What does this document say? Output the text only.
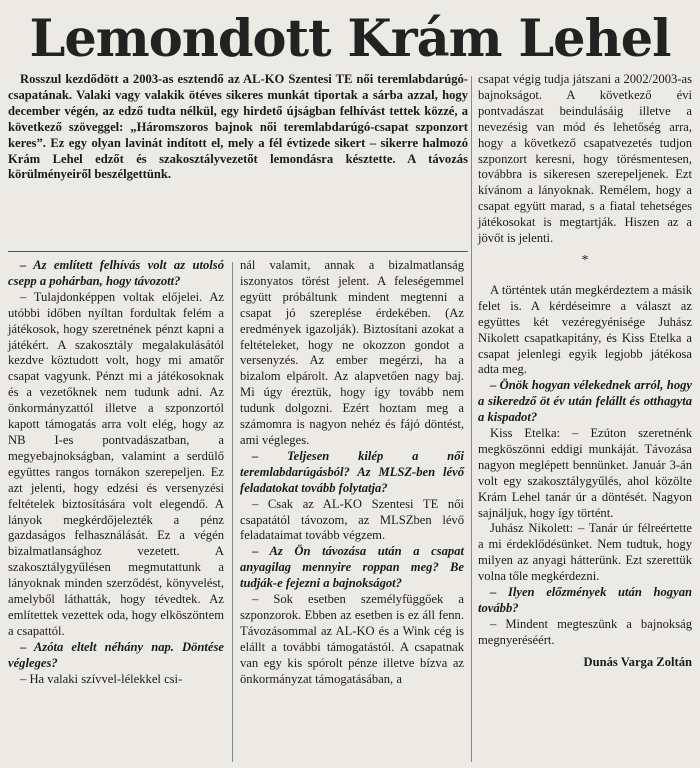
Lemondott Krám Lehel

Rosszul kezdődött a 2003-as esztendő az AL-KO Szentesi TE női teremlabdarúgó-csapatának. Valaki vagy valakik ötéves sikeres munkát tiportak a sárba azzal, hogy december végén, az edző tudta nélkül, egy hirdető újságban felhívást tettek közzé, a következő szöveggel: „Háromszoros bajnok női teremlabdarúgó-csapat szponzort keres”. Ez egy olyan lavinát indított el, mely a fél évtizede sikert – sikerre halmozó Krám Lehel edzőt és szakosztályvezetőt lemondásra késztette. A távozás körülményeiről beszélgettünk.

– Az említett felhívás volt az utolsó csepp a pohárban, hogy távozott?

– Tulajdonképpen voltak előjelei. Az utóbbi időben nyíltan fordultak felém a játékosok, hogy szeretnének pénzt kapni a játékért. A szakosztály megalakulásától kezdve köztudott volt, hogy mi amatőr csapat vagyunk. Pénzt mi a játékosoknak és a vezetőknek nem tudunk adni. Az önkormányzattól illetve a szponzortól kapott támogatás arra volt elég, hogy az NB I-es pontvadászatban, a megyebajnokságban, valamint a serdülő együttes rangos tornákon szerepeljen. Ez azt jelenti, hogy edzési és versenyzési feltételek biztosítására volt elegendő. A lányok megkérdőjelezték a pénz gazdaságos felhasználását. Ez a végén bizalmatlansághoz vezetett. A szakosztálygyűlésen megmutattunk a lányoknak minden szerződést, könyvelést, amelyből láthatták, hogy tévedtek. Az említettek vezettek oda, hogy elköszöntem a csapattól.

– Azóta eltelt néhány nap. Döntése végleges?

– Ha valaki szívvel-lélekkel csi-

nál valamit, annak a bizalmatlanság iszonyatos törést jelent. A feleségemmel együtt próbáltunk mindent megtenni a csapat jó szereplése érdekében. (Az eredmények igazolják). Biztosítani azokat a feltételeket, hogy ne okozzon gondot a versenyzés. Az ember megérzi, ha a bizalom elpárolt. Az alapvetően nagy baj. Mi úgy éreztük, hogy így tovább nem tudunk dolgozni. Ezért hoztam meg a számomra is nagyon nehéz és fájó döntést, ami végleges.

– Teljesen kilép a női teremlabdarúgásból? Az MLSZ-ben lévő feladatokat tovább folytatja?

– Csak az AL-KO Szentesi TE női csapatától távozom, az MLSZben lévő feladataimat tovább végzem.

– Az Ön távozása után a csapat anyagilag mennyire roppan meg? Be tudják-e fejezni a bajnokságot?

– Sok esetben személyfüggőek a szponzorok. Ebben az esetben is ez áll fenn. Távozásommal az AL-KO és a Wink cég is elállt a további támogatástól. A csapatnak van egy kis spórolt pénze illetve bízva az önkormányzat támogatásában, a

csapat végig tudja játszani a 2002/2003-as bajnokságot. A következő évi pontvadászat beindulásáig illetve a nevezésig van mód és lehetőség arra, hogy a következő csapatvezetés tudjon szponzort keresni, hogy törésmentesen, továbbra is sikeresen szerepeljenek. Ezt kívánom a lányoknak. Remélem, hogy a csapat együtt marad, s a fiatal tehetséges játékosokat is megtartják. Hiszen az a jövőt is jelenti.

*

A történtek után megkérdeztem a másik felet is. A kérdéseimre a választ az együttes két vezéregyénisége Juhász Nikolett csapatkapitány, és Kiss Etelka a csapat jelenlegi egyik legjobb játékosa adta meg.

– Önök hogyan vélekednek arról, hogy a sikeredző öt év után felállt és otthagyta a kispadot?

Kiss Etelka: – Ezúton szeretnénk megköszönni eddigi munkáját. Távozása nagyon meglépett bennünket. Január 3-án volt egy szakosztálygyűlés, ahol közölte Krám Lehel tanár úr a döntését. Nagyon sajnáljuk, hogy így történt.

Juhász Nikolett: – Tanár úr félreértette a mi érdeklődésünket. Nem tudtuk, hogy milyen az anyagi hátterünk. Ezt szerettük volna tőle megkérdezni.

– Ilyen előzmények után hogyan tovább?

– Mindent megteszünk a bajnokság megnyeréséért.

Dunás Varga Zoltán
